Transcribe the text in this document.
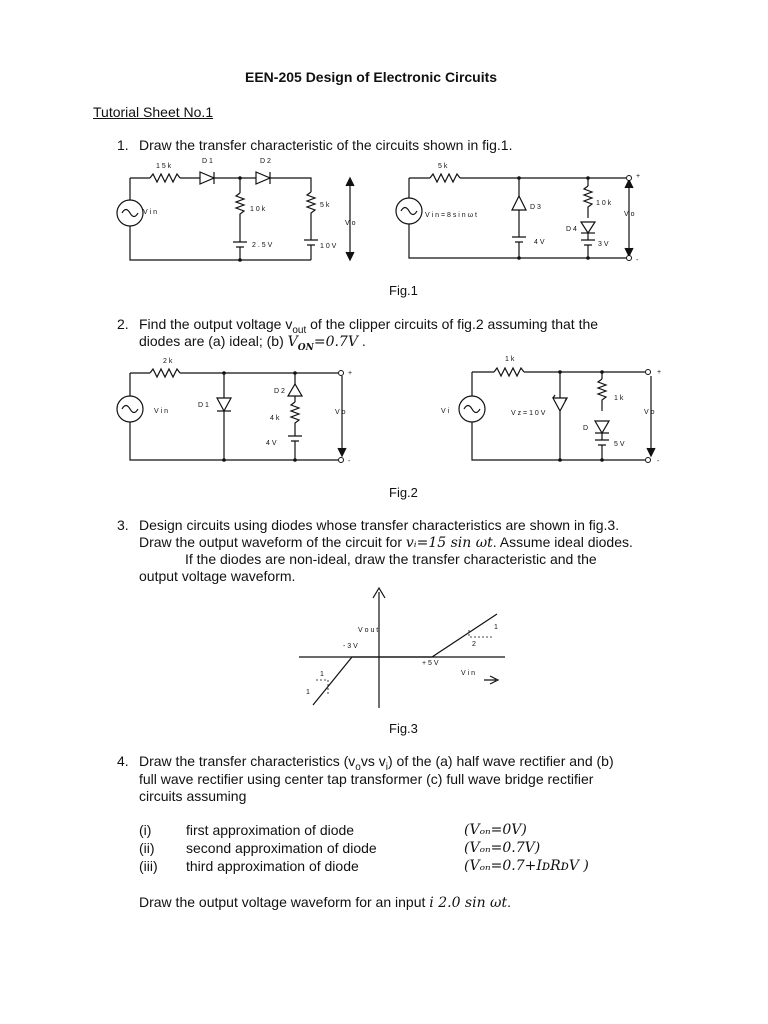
EEN-205 Design of Electronic Circuits
Tutorial Sheet No.1
1. Draw the transfer characteristic of the circuits shown in fig.1.
1 5 k
D 1	D 2
1 0 k
5 k
2 . 5 V	1 0 V
V i n
V o
5 k
D 3
1 0 k
D 4
V i n = 8 s i n ω t
4 V	3 V
V o
+
-
2 k
D 1
D 2
4 k
4 V
V i n	V o
+
-
1 k
1 k
D
V z = 1 0 V
V i
5 V
V o
+
-
V o u t
- 3 V
+ 5 V
V i n
1
2
1
1
Fig.1
2. Find the output voltage $v_{out}$ of the clipper circuits of fig.2 assuming that the
diodes are (a) ideal; (b) $V_{ON}=0.7V$ .
Fig.2
3. Design circuits using diodes whose transfer characteristics are shown in fig.3.
Draw the output waveform of the circuit for vᵢ=15 sin ωt. Assume ideal diodes.
If the diodes are non-ideal, draw the transfer characteristic and the
output voltage waveform.
Fig.3
4. Draw the transfer characteristics ($v_ovs$ $v_i$) of the (a) half wave rectifier and (b)
full wave rectifier using center tap transformer (c) full wave bridge rectifier
circuits assuming
(i) first approximation of diode	(Vₒₙ=0V)
(ii) second approximation of diode	(Vₒₙ=0.7V)
(iii) third approximation of diode	(Vₒₙ=0.7+IᴅRᴅV )
Draw the output voltage waveform for an input i 2.0 sin ωt.
